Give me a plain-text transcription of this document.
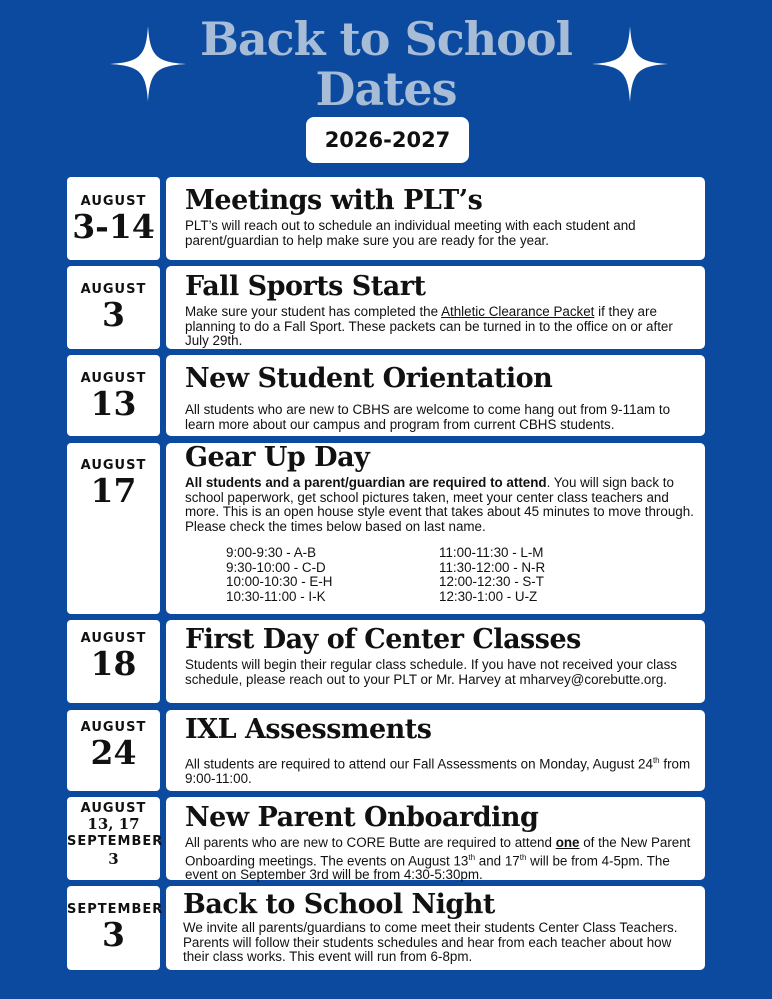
Back to School
Dates
2026-2027
AUGUST
3-14
Meetings with PLT’s
PLT’s will reach out to schedule an individual meeting with each student and parent/guardian to help make sure you are ready for the year.
AUGUST
3
Fall Sports Start
Make sure your student has completed the Athletic Clearance Packet if they are planning to do a Fall Sport. These packets can be turned in to the office on or after July 29th.
AUGUST
13
New Student Orientation
All students who are new to CBHS are welcome to come hang out from 9-11am to learn more about our campus and program from current CBHS students.
AUGUST
17
Gear Up Day
All students and a parent/guardian are required to attend. You will sign back to school paperwork, get school pictures taken, meet your center class teachers and more. This is an open house style event that takes about 45 minutes to move through. Please check the times below based on last name.
9:00-9:30 - A-B
9:30-10:00 - C-D
10:00-10:30 - E-H
10:30-11:00 - I-K
11:00-11:30 - L-M
11:30-12:00 - N-R
12:00-12:30 - S-T
12:30-1:00 - U-Z
AUGUST
18
First Day of Center Classes
Students will begin their regular class schedule. If you have not received your class schedule, please reach out to your PLT or Mr. Harvey at mharvey@corebutte.org.
AUGUST
24
IXL Assessments
All students are required to attend our Fall Assessments on Monday, August 24th from 9:00-11:00.
AUGUST
13, 17
SEPTEMBER
3
New Parent Onboarding
All parents who are new to CORE Butte are required to attend one of the New Parent Onboarding meetings. The events on August 13th and 17th will be from 4-5pm. The event on September 3rd will be from 4:30-5:30pm.
SEPTEMBER
3
Back to School Night
We invite all parents/guardians to come meet their students Center Class Teachers. Parents will follow their students schedules and hear from each teacher about how their class works. This event will run from 6-8pm.
